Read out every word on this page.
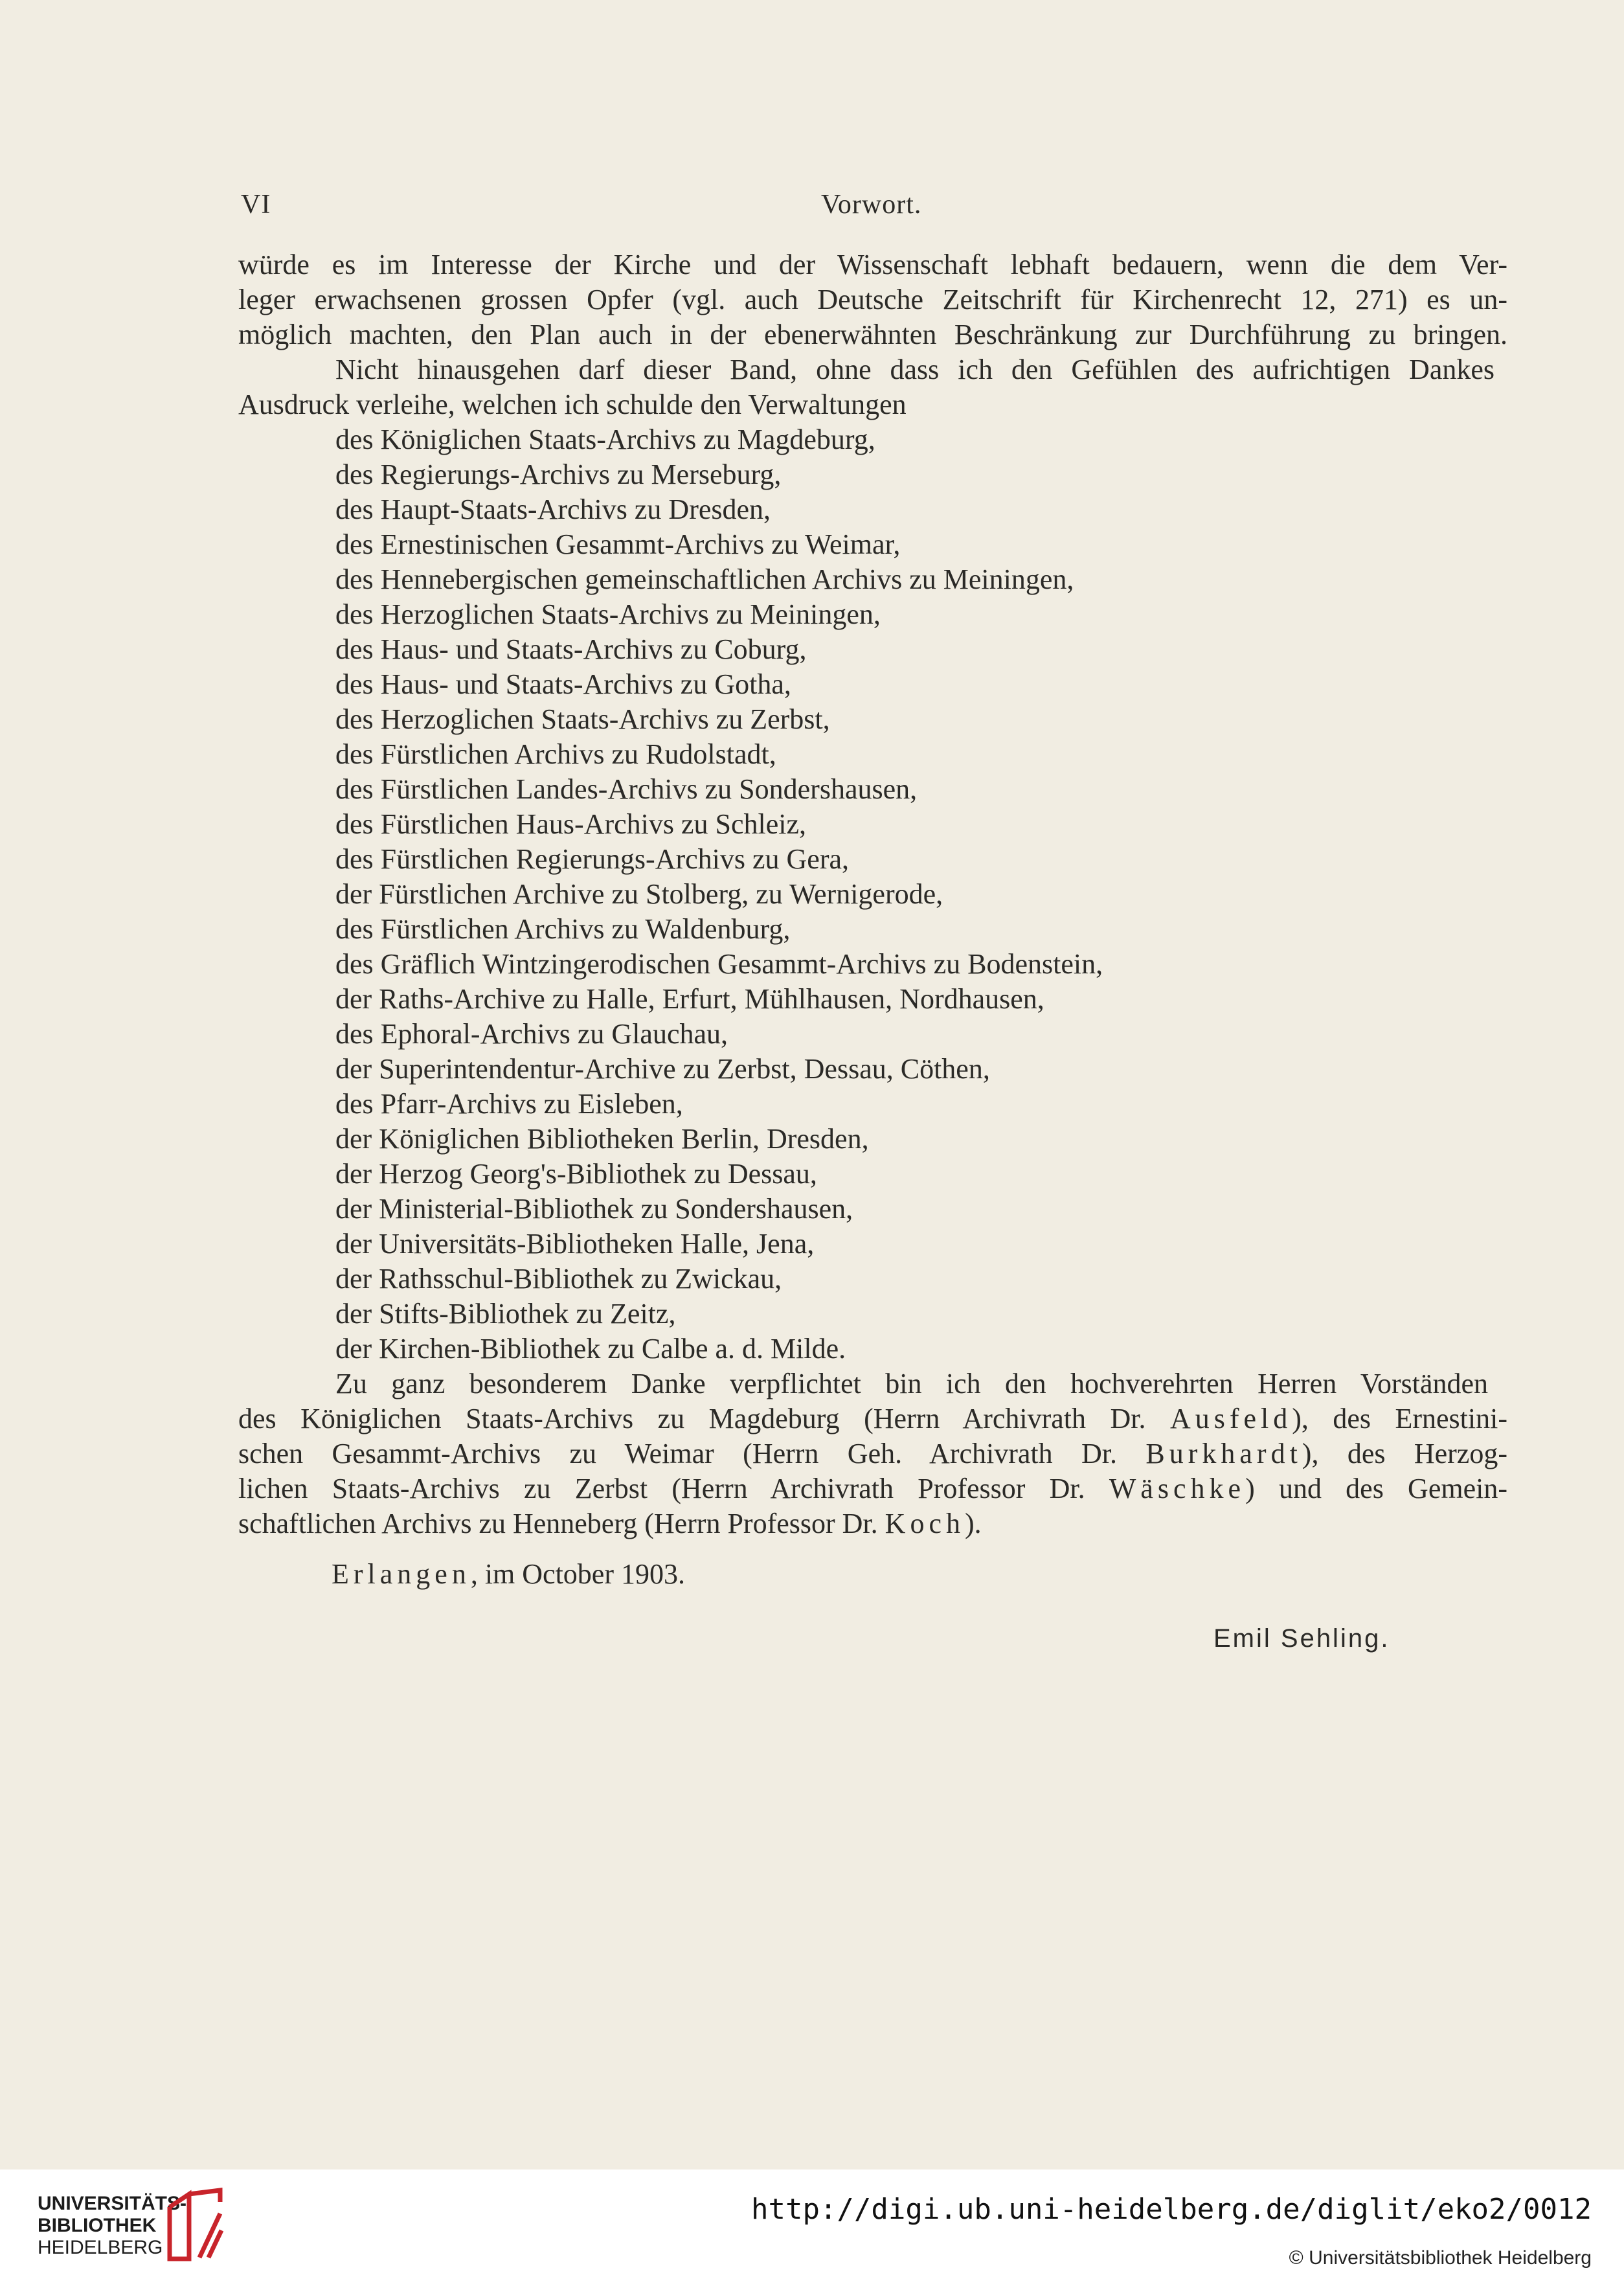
VI	Vorwort.
würde es im Interesse der Kirche und der Wissenschaft lebhaft bedauern, wenn die dem Ver-
leger erwachsenen grossen Opfer (vgl. auch Deutsche Zeitschrift für Kirchenrecht 12, 271) es un-
möglich machten, den Plan auch in der ebenerwähnten Beschränkung zur Durchführung zu bringen.
Nicht hinausgehen darf dieser Band, ohne dass ich den Gefühlen des aufrichtigen Dankes
Ausdruck verleihe, welchen ich schulde den Verwaltungen
des Königlichen Staats-Archivs zu Magdeburg,
des Regierungs-Archivs zu Merseburg,
des Haupt-Staats-Archivs zu Dresden,
des Ernestinischen Gesammt-Archivs zu Weimar,
des Hennebergischen gemeinschaftlichen Archivs zu Meiningen,
des Herzoglichen Staats-Archivs zu Meiningen,
des Haus- und Staats-Archivs zu Coburg,
des Haus- und Staats-Archivs zu Gotha,
des Herzoglichen Staats-Archivs zu Zerbst,
des Fürstlichen Archivs zu Rudolstadt,
des Fürstlichen Landes-Archivs zu Sondershausen,
des Fürstlichen Haus-Archivs zu Schleiz,
des Fürstlichen Regierungs-Archivs zu Gera,
der Fürstlichen Archive zu Stolberg, zu Wernigerode,
des Fürstlichen Archivs zu Waldenburg,
des Gräflich Wintzingerodischen Gesammt-Archivs zu Bodenstein,
der Raths-Archive zu Halle, Erfurt, Mühlhausen, Nordhausen,
des Ephoral-Archivs zu Glauchau,
der Superintendentur-Archive zu Zerbst, Dessau, Cöthen,
des Pfarr-Archivs zu Eisleben,
der Königlichen Bibliotheken Berlin, Dresden,
der Herzog Georg's-Bibliothek zu Dessau,
der Ministerial-Bibliothek zu Sondershausen,
der Universitäts-Bibliotheken Halle, Jena,
der Rathsschul-Bibliothek zu Zwickau,
der Stifts-Bibliothek zu Zeitz,
der Kirchen-Bibliothek zu Calbe a. d. Milde.
Zu ganz besonderem Danke verpflichtet bin ich den hochverehrten Herren Vorständen
des Königlichen Staats-Archivs zu Magdeburg (Herrn Archivrath Dr. Ausfeld), des Ernestini-
schen Gesammt-Archivs zu Weimar (Herrn Geh. Archivrath Dr. Burkhardt), des Herzog-
lichen Staats-Archivs zu Zerbst (Herrn Archivrath Professor Dr. Wäschke) und des Gemein-
schaftlichen Archivs zu Henneberg (Herrn Professor Dr. Koch).
Erlangen, im October 1903.
Emil Sehling.
UNIVERSITÄTS-
BIBLIOTHEK
HEIDELBERG
http://digi.ub.uni-heidelberg.de/diglit/eko2/0012
© Universitätsbibliothek Heidelberg
